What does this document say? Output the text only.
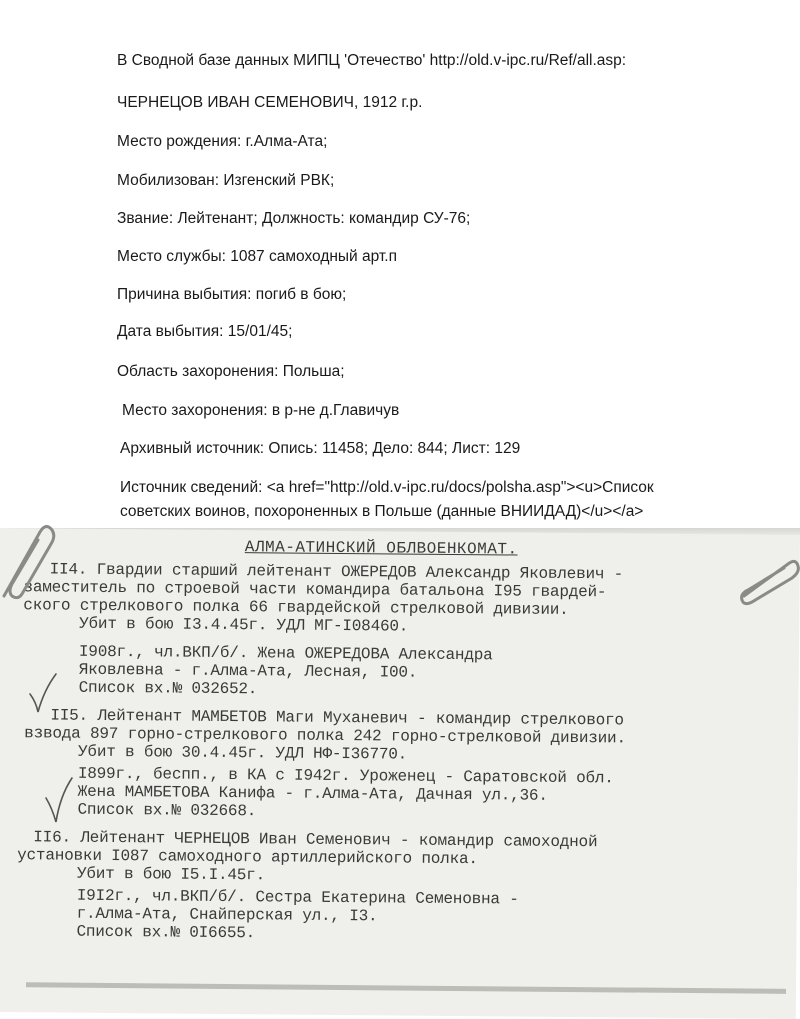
В Сводной базе данных МИПЦ 'Отечество' http://old.v-ipc.ru/Ref/all.asp:
ЧЕРНЕЦОВ ИВАН СЕМЕНОВИЧ, 1912 г.р.
Место рождения: г.Алма-Ата;
Мобилизован: Изгенский РВК;
Звание: Лейтенант; Должность: командир СУ-76;
Место службы: 1087 самоходный арт.п
Причина выбытия: погиб в бою;
Дата выбытия: 15/01/45;
Область захоронения: Польша;
Место захоронения: в р-не д.Главичув
Архивный источник: Опись: 11458; Дело: 844; Лист: 129
Источник сведений: <a href="http://old.v-ipc.ru/docs/polsha.asp"><u>Список
советских воинов, похороненных в Польше (данные ВНИИДАД)</u></a>
АЛМА-АТИНСКИЙ ОБЛВОЕНКОМАТ.
II4. Гвардии старший лейтенант ОЖЕРЕДОВ Александр Яковлевич -
заместитель по строевой части командира батальона I95 гвардей-
ского стрелкового полка 66 гвардейской стрелковой дивизии.
Убит в бою I3.4.45г. УДЛ МГ-I08460.
I908г., чл.ВКП/б/. Жена ОЖЕРЕДОВА Александра
Яковлевна - г.Алма-Ата, Лесная, I00.
Список вх.№ 032652.
II5. Лейтенант МАМБЕТОВ Маги Муханевич - командир стрелкового
взвода 897 горно-стрелкового полка 242 горно-стрелковой дивизии.
Убит в бою 30.4.45г. УДЛ НФ-I36770.
I899г., беспп., в КА с I942г. Уроженец - Саратовской обл.
Жена МАМБЕТОВА Канифа - г.Алма-Ата, Дачная ул.,36.
Список вх.№ 032668.
II6. Лейтенант ЧЕРНЕЦОВ Иван Семенович - командир самоходной
установки I087 самоходного артиллерийского полка.
Убит в бою I5.I.45г.
I9I2г., чл.ВКП/б/. Сестра Екатерина Семеновна -
г.Алма-Ата, Снайперская ул., I3.
Список вх.№ 0I6655.
